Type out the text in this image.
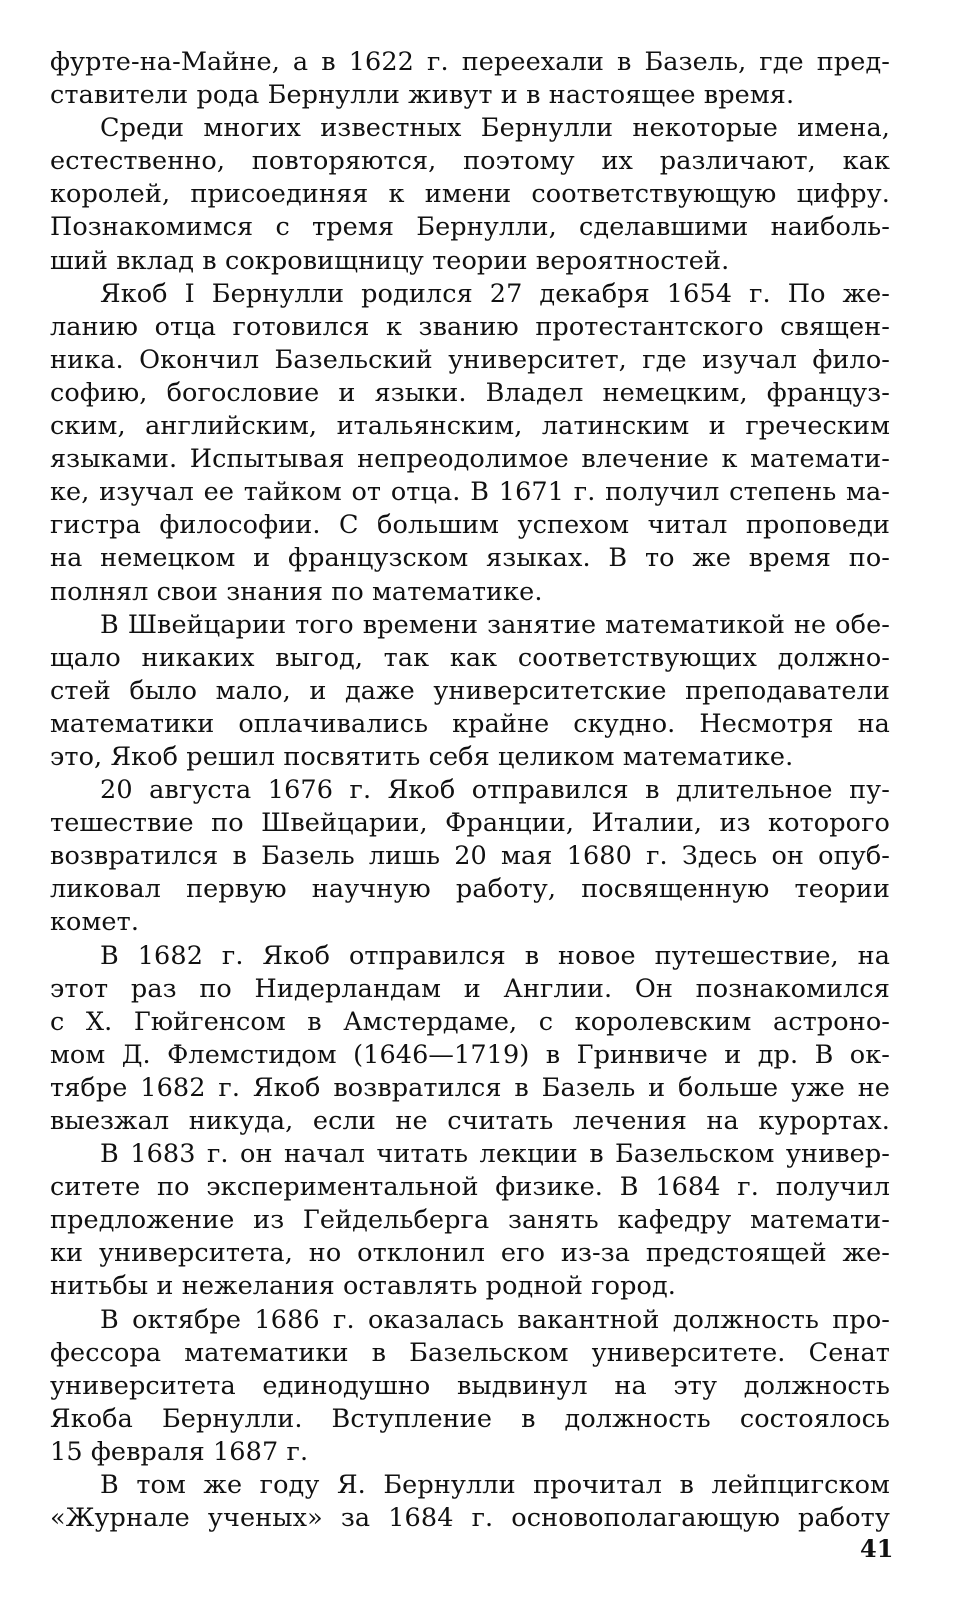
фурте-на-Майне, а в 1622 г. переехали в Базель, где пред-
ставители рода Бернулли живут и в настоящее время.
Среди многих известных Бернулли некоторые имена,
естественно, повторяются, поэтому их различают, как
королей, присоединяя к имени соответствующую цифру.
Познакомимся с тремя Бернулли, сделавшими наиболь-
ший вклад в сокровищницу теории вероятностей.
Якоб I Бернулли родился 27 декабря 1654 г. По же-
ланию отца готовился к званию протестантского священ-
ника. Окончил Базельский университет, где изучал фило-
софию, богословие и языки. Владел немецким, француз-
ским, английским, итальянским, латинским и греческим
языками. Испытывая непреодолимое влечение к математи-
ке, изучал ее тайком от отца. В 1671 г. получил степень ма-
гистра философии. С большим успехом читал проповеди
на немецком и французском языках. В то же время по-
полнял свои знания по математике.
В Швейцарии того времени занятие математикой не обе-
щало никаких выгод, так как соответствующих должно-
стей было мало, и даже университетские преподаватели
математики оплачивались крайне скудно. Несмотря на
это, Якоб решил посвятить себя целиком математике.
20 августа 1676 г. Якоб отправился в длительное пу-
тешествие по Швейцарии, Франции, Италии, из которого
возвратился в Базель лишь 20 мая 1680 г. Здесь он опуб-
ликовал первую научную работу, посвященную теории
комет.
В 1682 г. Якоб отправился в новое путешествие, на
этот раз по Нидерландам и Англии. Он познакомился
с X. Гюйгенсом в Амстердаме, с королевским астроно-
мом Д. Флемстидом (1646—1719) в Гринвиче и др. В ок-
тябре 1682 г. Якоб возвратился в Базель и больше уже не
выезжал никуда, если не считать лечения на курортах.
В 1683 г. он начал читать лекции в Базельском универ-
ситете по экспериментальной физике. В 1684 г. получил
предложение из Гейдельберга занять кафедру математи-
ки университета, но отклонил его из-за предстоящей же-
нитьбы и нежелания оставлять родной город.
В октябре 1686 г. оказалась вакантной должность про-
фессора математики в Базельском университете. Сенат
университета единодушно выдвинул на эту должность
Якоба Бернулли. Вступление в должность состоялось
15 февраля 1687 г.
В том же году Я. Бернулли прочитал в лейпцигском
«Журнале ученых» за 1684 г. основополагающую работу
41
